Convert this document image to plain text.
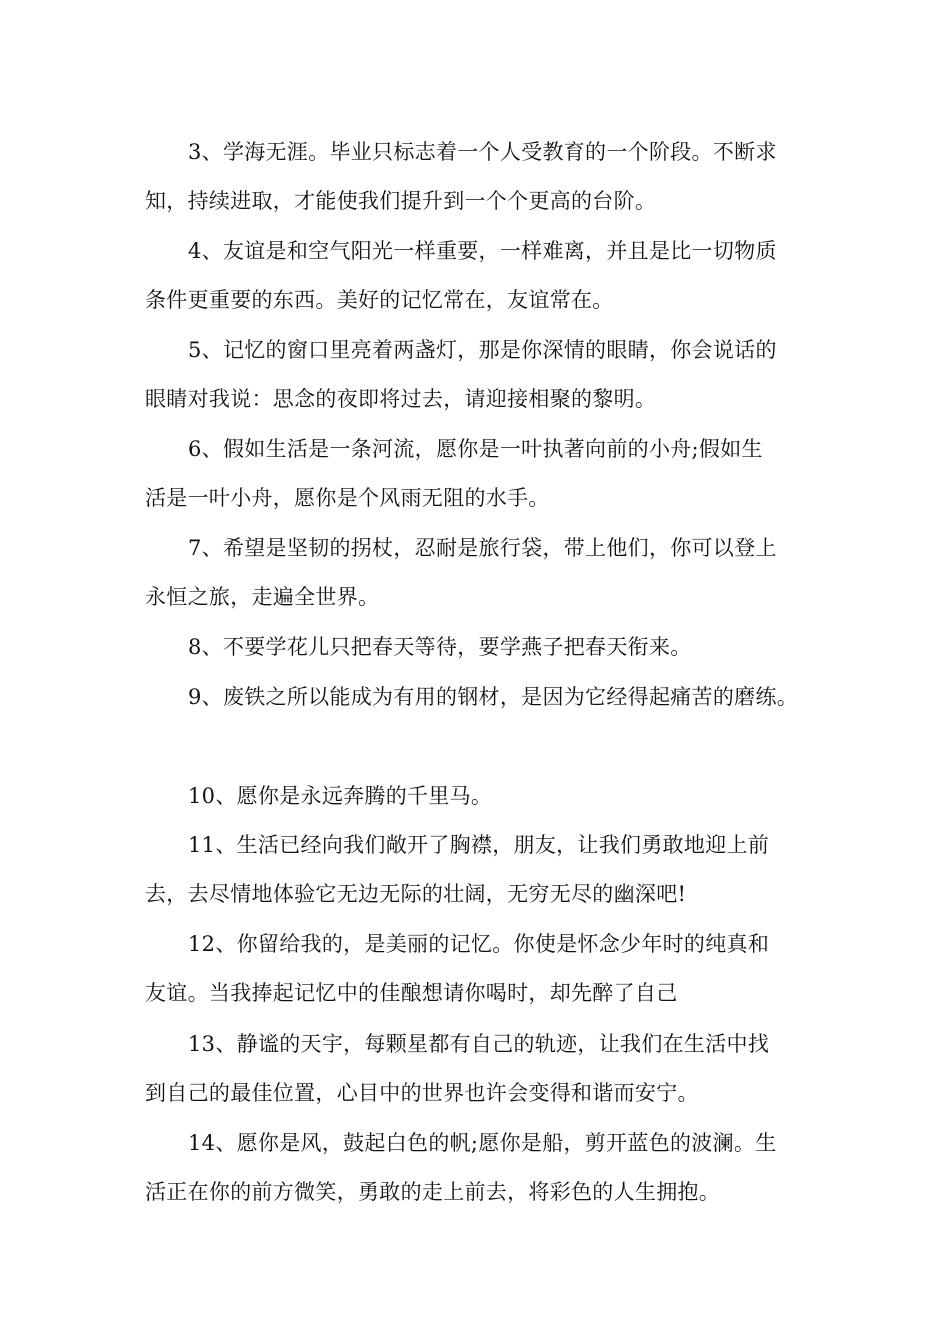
3、学海无涯。毕业只标志着一个人受教育的一个阶段。不断求
知，持续进取，才能使我们提升到一个个更高的台阶。

4、友谊是和空气阳光一样重要，一样难离，并且是比一切物质
条件更重要的东西。美好的记忆常在，友谊常在。

5、记忆的窗口里亮着两盏灯，那是你深情的眼睛，你会说话的
眼睛对我说：思念的夜即将过去，请迎接相聚的黎明。

6、假如生活是一条河流，愿你是一叶执著向前的小舟;假如生
活是一叶小舟，愿你是个风雨无阻的水手。

7、希望是坚韧的拐杖，忍耐是旅行袋，带上他们，你可以登上
永恒之旅，走遍全世界。

8、不要学花儿只把春天等待，要学燕子把春天衔来。

9、废铁之所以能成为有用的钢材，是因为它经得起痛苦的磨练。

10、愿你是永远奔腾的千里马。

11、生活已经向我们敞开了胸襟，朋友，让我们勇敢地迎上前
去，去尽情地体验它无边无际的壮阔，无穷无尽的幽深吧!

12、你留给我的，是美丽的记忆。你使是怀念少年时的纯真和
友谊。当我捧起记忆中的佳酿想请你喝时，却先醉了自己

13、静谧的天宇，每颗星都有自己的轨迹，让我们在生活中找
到自己的最佳位置，心目中的世界也许会变得和谐而安宁。

14、愿你是风，鼓起白色的帆;愿你是船，剪开蓝色的波澜。生
活正在你的前方微笑，勇敢的走上前去，将彩色的人生拥抱。
